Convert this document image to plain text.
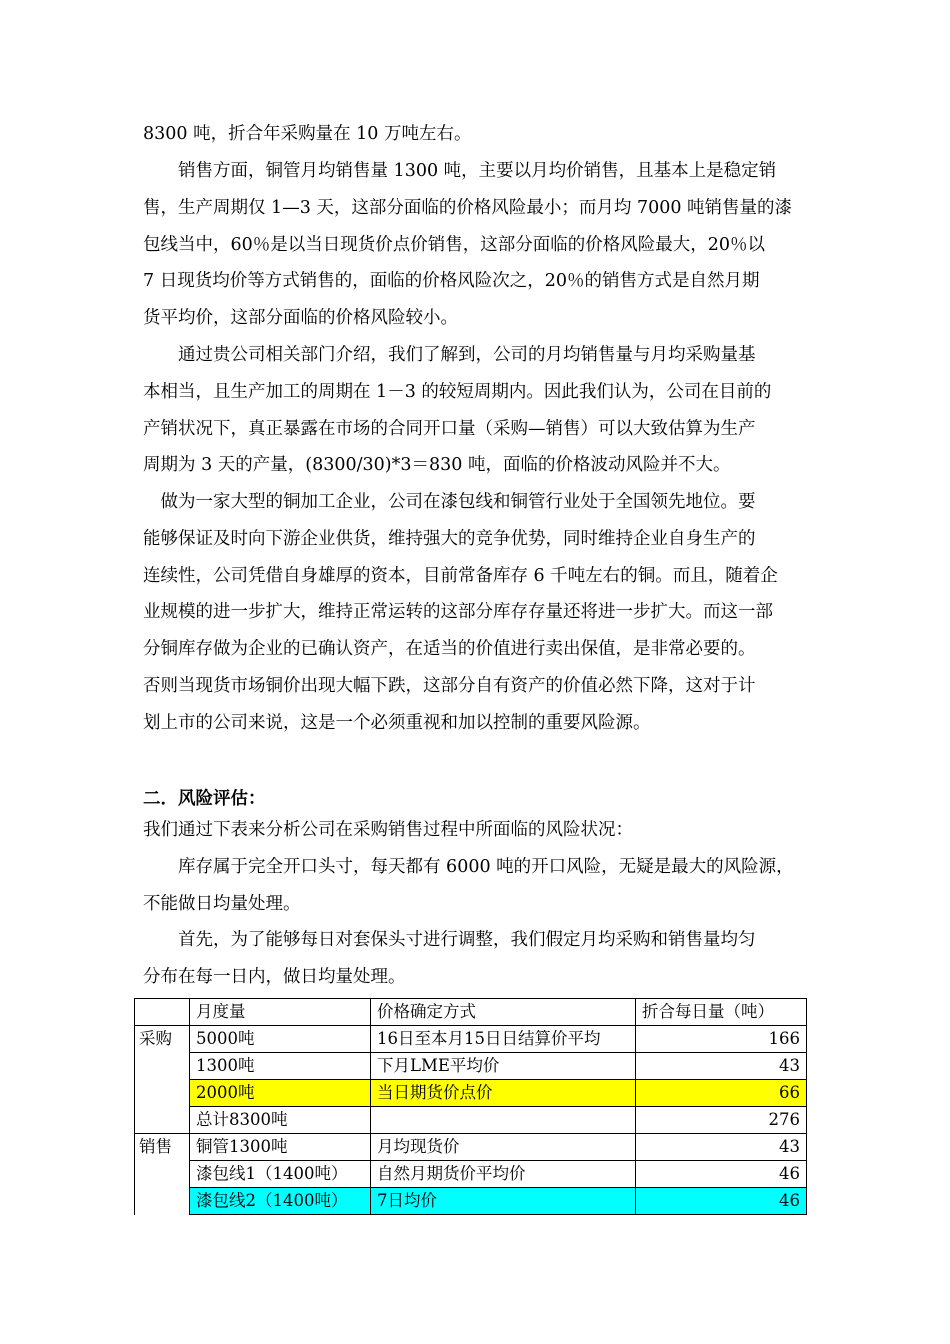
8300 吨，折合年采购量在 10 万吨左右。
　　销售方面，铜管月均销售量 1300 吨，主要以月均价销售，且基本上是稳定销
售，生产周期仅 1—3 天，这部分面临的价格风险最小；而月均 7000 吨销售量的漆
包线当中，60％是以当日现货价点价销售，这部分面临的价格风险最大，20％以
7 日现货均价等方式销售的，面临的价格风险次之，20％的销售方式是自然月期
货平均价，这部分面临的价格风险较小。
　　通过贵公司相关部门介绍，我们了解到，公司的月均销售量与月均采购量基
本相当，且生产加工的周期在 1－3 的较短周期内。因此我们认为，公司在目前的
产销状况下，真正暴露在市场的合同开口量（采购—销售）可以大致估算为生产
周期为 3 天的产量，(8300/30)*3＝830 吨，面临的价格波动风险并不大。
　做为一家大型的铜加工企业，公司在漆包线和铜管行业处于全国领先地位。要
能够保证及时向下游企业供货，维持强大的竞争优势，同时维持企业自身生产的
连续性，公司凭借自身雄厚的资本，目前常备库存 6 千吨左右的铜。而且，随着企
业规模的进一步扩大，维持正常运转的这部分库存存量还将进一步扩大。而这一部
分铜库存做为企业的已确认资产，在适当的价值进行卖出保值，是非常必要的。
否则当现货市场铜价出现大幅下跌，这部分自有资产的价值必然下降，这对于计
划上市的公司来说，这是一个必须重视和加以控制的重要风险源。
二．风险评估：
我们通过下表来分析公司在采购销售过程中所面临的风险状况：
　　库存属于完全开口头寸，每天都有 6000 吨的开口风险，无疑是最大的风险源，
不能做日均量处理。
　　首先，为了能够每日对套保头寸进行调整，我们假定月均采购和销售量均匀
分布在每一日内，做日均量处理。
	月度量	价格确定方式	折合每日量（吨）
采购	5000吨	16日至本月15日日结算价平均	166
	1300吨	下月LME平均价	43
	2000吨	当日期货价点价	66
	总计8300吨		276
销售	铜管1300吨	月均现货价	43
	漆包线1（1400吨）	自然月期货价平均价	46
	漆包线2（1400吨）	7日均价	46
